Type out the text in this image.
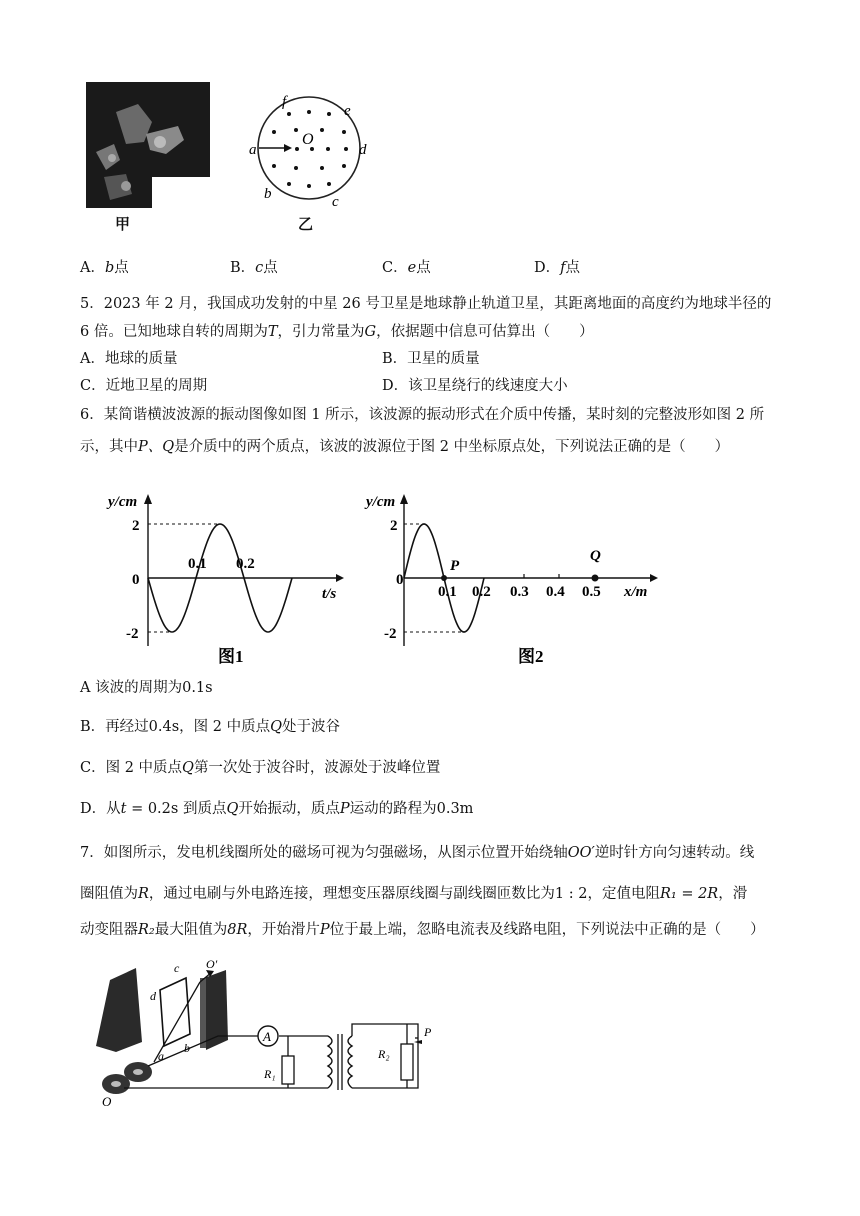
甲
a
f
e
d
c
b
O
乙
A．b点	B．c点	C．e点	D．f点
5．2023 年 2 月，我国成功发射的中星 26 号卫星是地球静止轨道卫星，其距离地面的高度约为地球半径的
6 倍。已知地球自转的周期为T，引力常量为G，依据题中信息可估算出（　　）
A．地球的质量	B．卫星的质量
C．近地卫星的周期	D．该卫星绕行的线速度大小
6．某简谐横波波源的振动图像如图 1 所示，该波源的振动形式在介质中传播，某时刻的完整波形如图 2 所
示，其中P、Q是介质中的两个质点，该波的波源位于图 2 中坐标原点处，下列说法正确的是（　　）
y/cm
t/s
0
0.1 0.2
2
-2
图1
y/cm
x/m
P
Q
0
0.1 0.2 0.3 0.4 0.5
2
-2
图2
A 该波的周期为0.1s
B．再经过0.4s，图 2 中质点Q处于波谷
C．图 2 中质点Q第一次处于波谷时，波源处于波峰位置
D．从t = 0.2s 到质点Q开始振动，质点P运动的路程为0.3m
7．如图所示，发电机线圈所处的磁场可视为匀强磁场，从图示位置开始绕轴OO′逆时针方向匀速转动。线
圈阻值为R，通过电刷与外电路连接，理想变压器原线圈与副线圈匝数比为1 : 2，定值电阻R₁ = 2R，滑
动变阻器R₂最大阻值为8R，开始滑片P位于最上端，忽略电流表及线路电阻，下列说法中正确的是（　　）
A
R₁
R₂
P
c O′
d
b
a
O
